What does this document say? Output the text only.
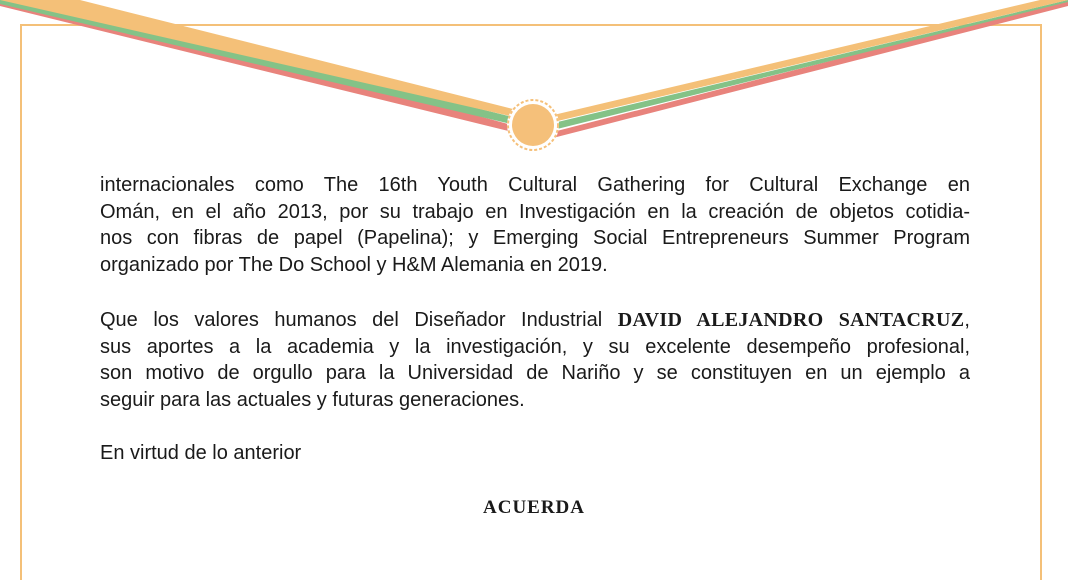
internacionales como The 16th Youth Cultural Gathering for Cultural Exchange en
Omán, en el año 2013, por su trabajo en Investigación en la creación de objetos cotidia-
nos con fibras de papel (Papelina); y Emerging Social Entrepreneurs Summer Program
organizado por The Do School y H&M Alemania en 2019.
Que los valores humanos del Diseñador Industrial DAVID ALEJANDRO SANTACRUZ,
sus aportes a la academia y la investigación, y su excelente desempeño profesional,
son motivo de orgullo para la Universidad de Nariño y se constituyen en un ejemplo a
seguir para las actuales y futuras generaciones.
En virtud de lo anterior
ACUERDA
